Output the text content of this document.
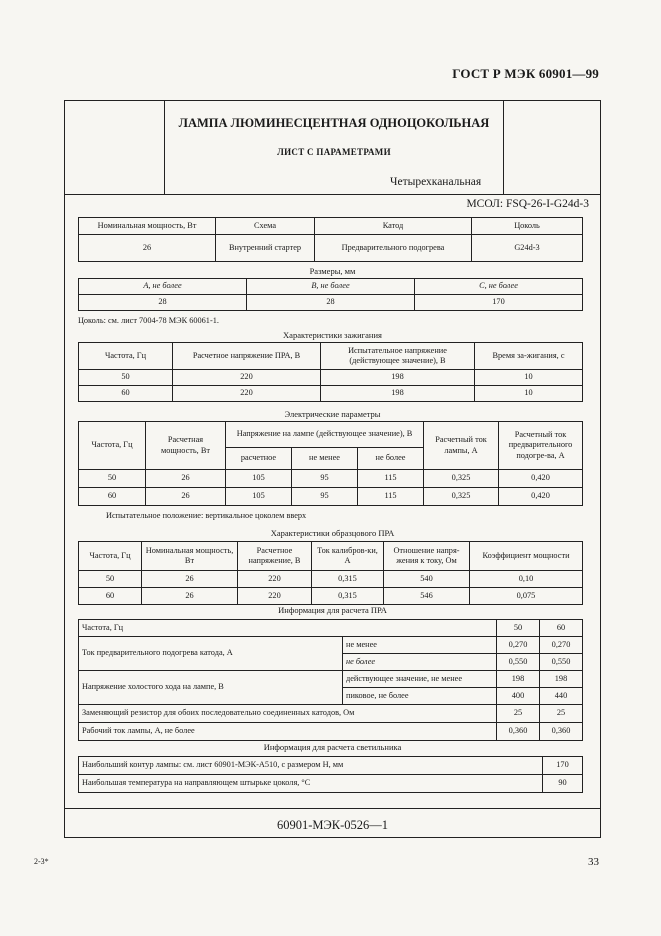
ГОСТ Р МЭК 60901—99
ЛАМПА ЛЮМИНЕСЦЕНТНАЯ ОДНОЦОКОЛЬНАЯ
ЛИСТ С ПАРАМЕТРАМИ
Четырехканальная
МСОЛ: FSQ-26-I-G24d-3
Номинальная мощность, Вт	Схема	Катод	Цоколь
26	Внутренний стартер	Предварительного подогрева	G24d-3
Размеры, мм
A, не более	B, не более	C, не более
28	28	170
Цоколь: см. лист 7004-78 МЭК 60061-1.
Характеристики зажигания
Частота, Гц	Расчетное напряжение ПРА, В	Испытательное напряжение (действующее значение), В	Время за-жигания, с
50	220	198	10
60	220	198	10
Электрические параметры
Частота, Гц	Расчетная мощность, Вт	Напряжение на лампе (действующее значение), В			Расчетный ток лампы, А	Расчетный ток предварительного подогре-ва, А
		расчетное	не менее	не более		
50	26	105	95	115	0,325	0,420
60	26	105	95	115	0,325	0,420
Испытательное положение: вертикальное цоколем вверх
Характеристики образцового ПРА
Частота, Гц	Номинальная мощность, Вт	Расчетное напряжение, В	Ток калибров-ки, А	Отношение напря-жения к току, Ом	Коэффициент мощности
50	26	220	0,315	540	0,10
60	26	220	0,315	546	0,075
Информация для расчета ПРА
Частота, Гц		50	60
Ток предварительного подогрева катода, А	не менее	0,270	0,270
	не более	0,550	0,550
Напряжение холостого хода на лампе, В	действующее значение, не менее	198	198
	пиковое, не более	400	440
Заменяющий резистор для обоих последовательно соединенных катодов, Ом		25	25
Рабочий ток лампы, А, не более		0,360	0,360
Информация для расчета светильника
Наибольший контур лампы: см. лист 60901-МЭК-А510, с размером Н, мм	170
Наибольшая температура на направляющем штырьке цоколя, °С	90
60901-МЭК-0526—1
2-3*	33
